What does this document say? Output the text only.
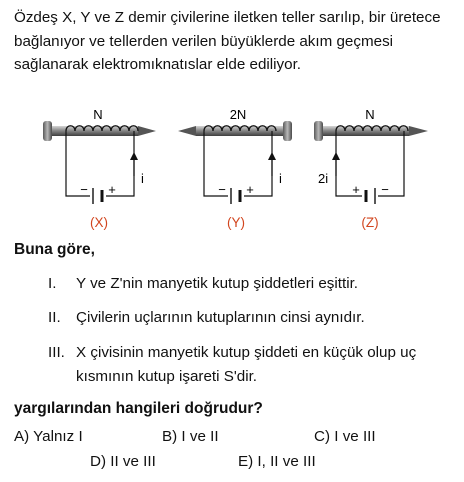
Özdeş X, Y ve Z demir çivilerine iletken teller sarılıp, bir üretece bağlanıyor ve tellerden verilen büyüklerde akım geçmesi sağlanarak elektromıknatıslar elde ediliyor.

N
− +
i
(X)
2N
− +
i
(Y)
N
+ −
2i
(Z)

Buna göre,

I.	Y ve Z'nin manyetik kutup şiddetleri eşittir.

II.	Çivilerin uçlarının kutuplarının cinsi aynıdır.

III. X çivisinin manyetik kutup şiddeti en küçük olup uç kısmının kutup işareti S'dir.

yargılarından hangileri doğrudur?

A) Yalnız I	B) I ve II	C) I ve III

D) II ve III	E) I, II ve III
